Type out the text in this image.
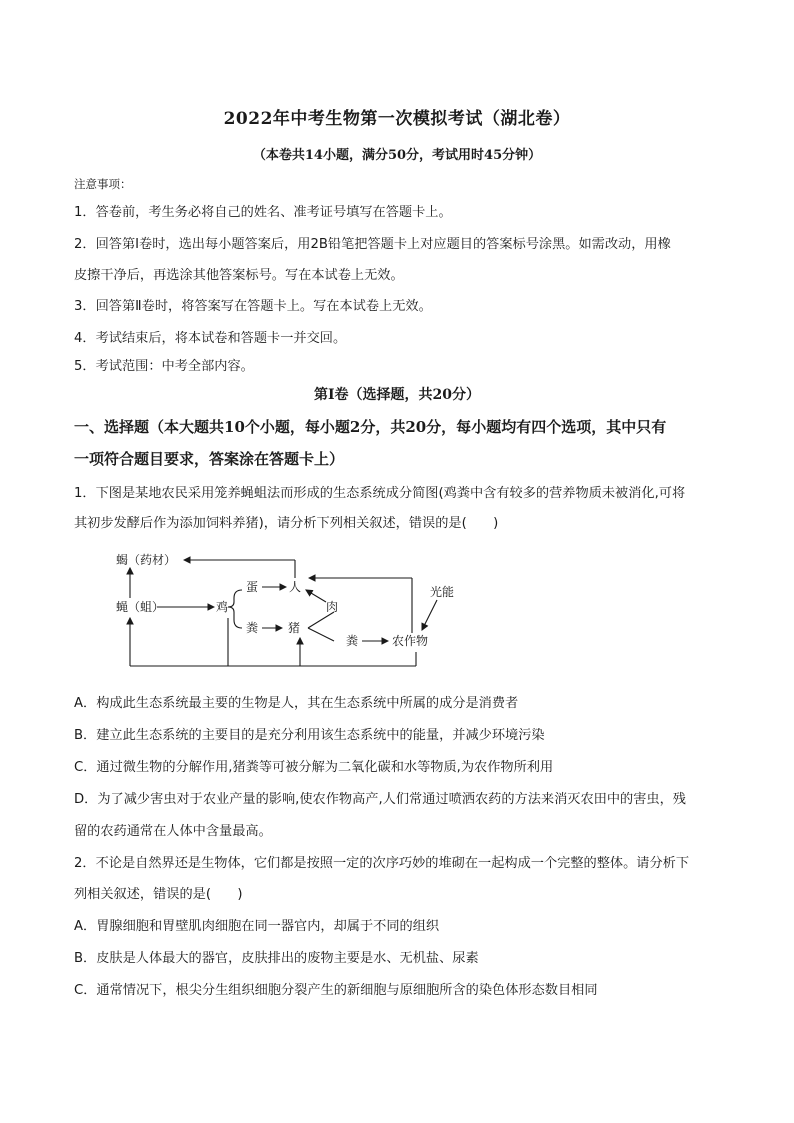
2022年中考生物第一次模拟考试（湖北卷）
（本卷共14小题，满分50分，考试用时45分钟）
注意事项：
1．答卷前，考生务必将自己的姓名、准考证号填写在答题卡上。
2．回答第Ⅰ卷时，选出每小题答案后，用2B铅笔把答题卡上对应题目的答案标号涂黑。如需改动，用橡
皮擦干净后，再选涂其他答案标号。写在本试卷上无效。
3．回答第Ⅱ卷时，将答案写在答题卡上。写在本试卷上无效。
4．考试结束后，将本试卷和答题卡一并交回。
5．考试范围：中考全部内容。
第Ⅰ卷（选择题，共20分）
一、选择题（本大题共10个小题，每小题2分，共20分，每小题均有四个选项，其中只有
一项符合题目要求，答案涂在答题卡上）
1．下图是某地农民采用笼养蝇蛆法而形成的生态系统成分简图(鸡粪中含有较多的营养物质未被消化,可将
其初步发酵后作为添加饲料养猪)，请分析下列相关叙述，错误的是(　　)
蝎（药材）
蝇（蛆）	鸡
蛋	人
肉
粪 猪
粪	农作物
光能
A．构成此生态系统最主要的生物是人，其在生态系统中所属的成分是消费者
B．建立此生态系统的主要目的是充分利用该生态系统中的能量，并减少环境污染
C．通过微生物的分解作用,猪粪等可被分解为二氧化碳和水等物质,为农作物所利用
D．为了减少害虫对于农业产量的影响,使农作物高产,人们常通过喷洒农药的方法来消灭农田中的害虫，残
留的农药通常在人体中含量最高。
2．不论是自然界还是生物体，它们都是按照一定的次序巧妙的堆砌在一起构成一个完整的整体。请分析下
列相关叙述，错误的是(　　)
A．胃腺细胞和胃壁肌肉细胞在同一器官内，却属于不同的组织
B．皮肤是人体最大的器官，皮肤排出的废物主要是水、无机盐、尿素
C．通常情况下，根尖分生组织细胞分裂产生的新细胞与原细胞所含的染色体形态数目相同
